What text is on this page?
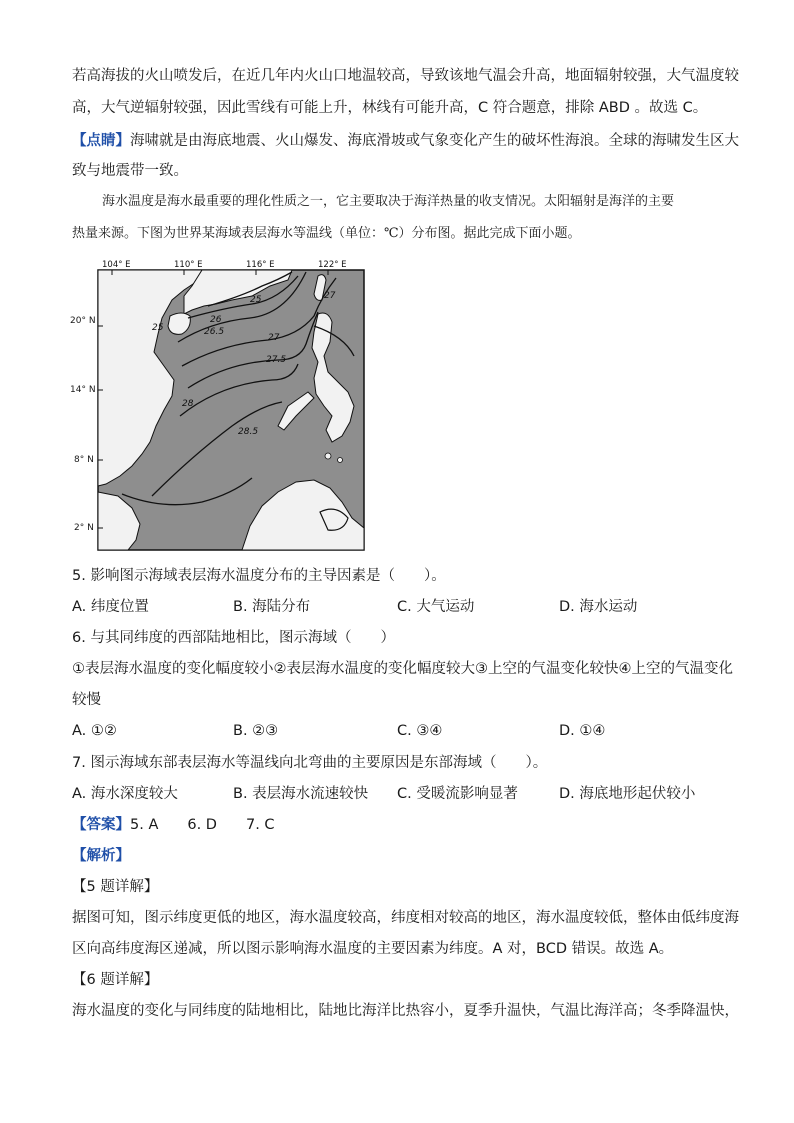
若高海拔的火山喷发后，在近几年内火山口地温较高，导致该地气温会升高，地面辐射较强，大气温度较
高，大气逆辐射较强，因此雪线有可能上升，林线有可能升高，C 符合题意，排除 ABD 。故选 C。
【点睛】海啸就是由海底地震、火山爆发、海底滑坡或气象变化产生的破坏性海浪。全球的海啸发生区大
致与地震带一致。
海水温度是海水最重要的理化性质之一，它主要取决于海洋热量的收支情况。太阳辐射是海洋的主要
热量来源。下图为世界某海域表层海水等温线（单位：℃）分布图。据此完成下面小题。
25
26
26.5
25
27
27.5
28
28.5
27
104° E	110° E	116° E	122° E
20° N
14° N
8° N
2° N
5. 影响图示海域表层海水温度分布的主导因素是（　　）。
A. 纬度位置	B. 海陆分布	C. 大气运动	D. 海水运动
6. 与其同纬度的西部陆地相比，图示海域（　　）
①表层海水温度的变化幅度较小②表层海水温度的变化幅度较大③上空的气温变化较快④上空的气温变化
较慢
A. ①②	B. ②③	C. ③④	D. ①④
7. 图示海域东部表层海水等温线向北弯曲的主要原因是东部海域（　　）。
A. 海水深度较大	B. 表层海水流速较快 C. 受暖流影响显著	D. 海底地形起伏较小
【答案】5. A　　6. D　　7. C
【解析】
【5 题详解】
据图可知，图示纬度更低的地区，海水温度较高，纬度相对较高的地区，海水温度较低，整体由低纬度海
区向高纬度海区递减，所以图示影响海水温度的主要因素为纬度。A 对，BCD 错误。故选 A。
【6 题详解】
海水温度的变化与同纬度的陆地相比，陆地比海洋比热容小，夏季升温快，气温比海洋高；冬季降温快，
